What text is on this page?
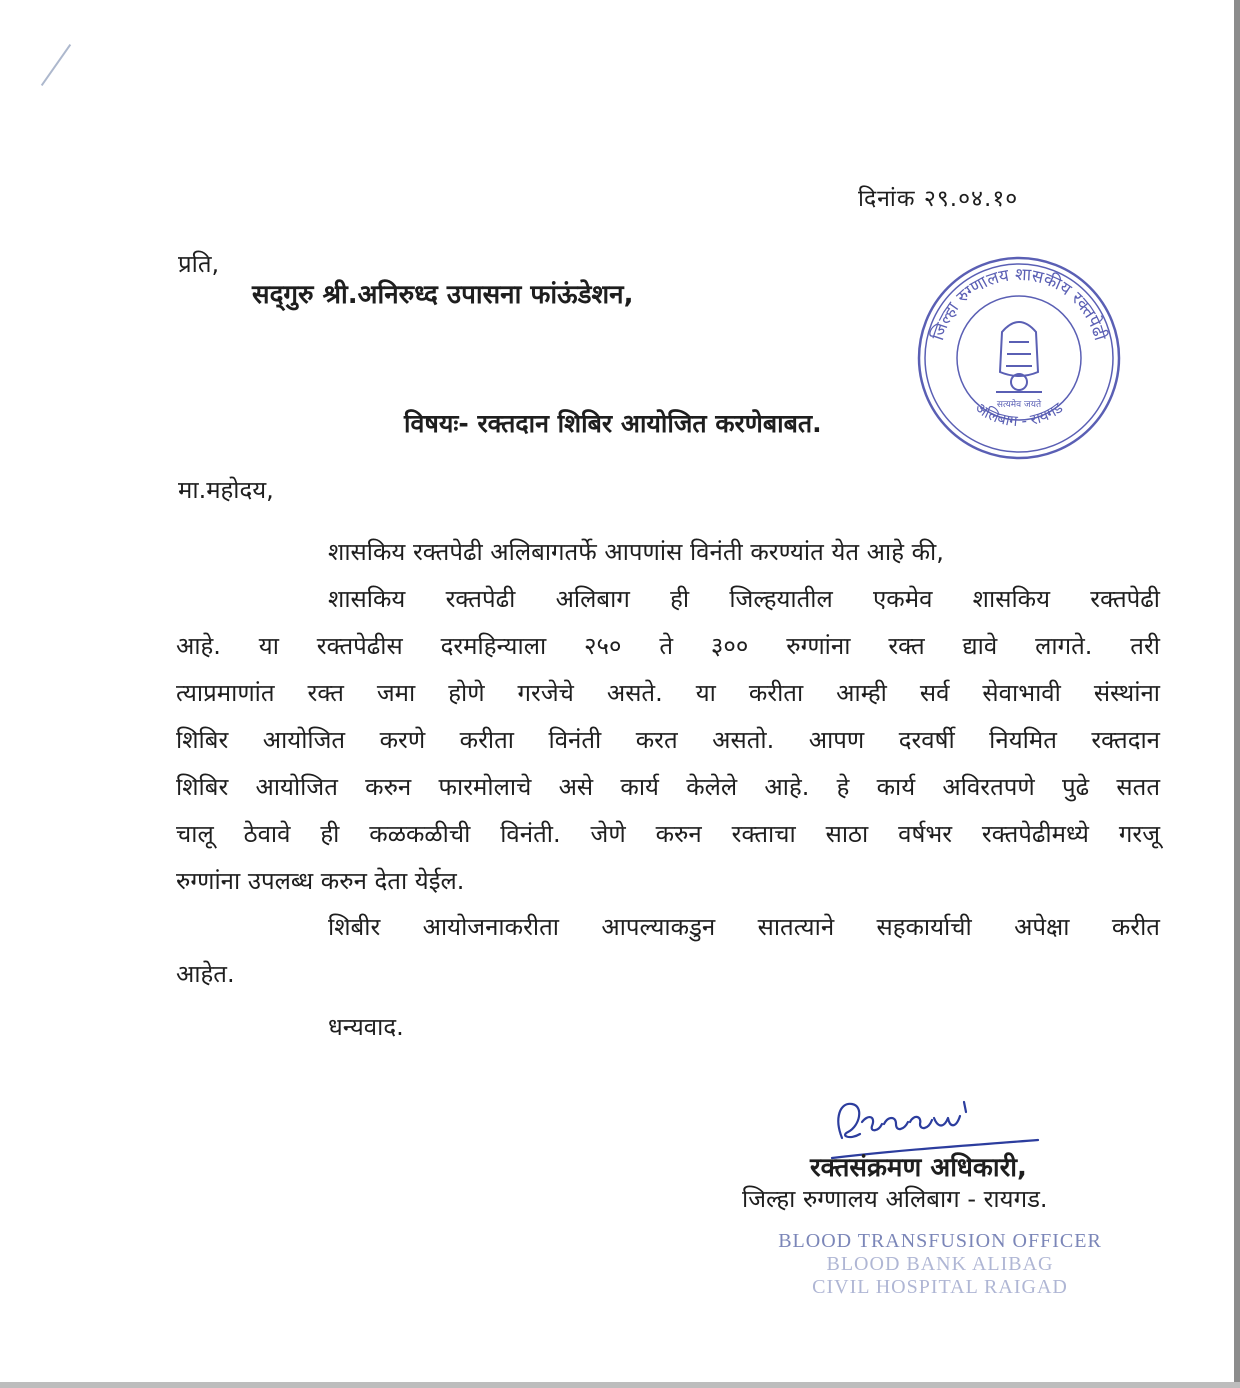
दिनांक २९.०४.१०
प्रति,
सद्‌गुरु श्री.अनिरुध्द उपासना फांऊंडेशन,
जिल्हा रुग्णालय शासकीय रक्तपेढी
अलिबाग - रायगड
सत्यमेव जयते
विषयः- रक्तदान शिबिर आयोजित करणेबाबत.
मा.महोदय,
शासकिय रक्तपेढी अलिबागतर्फे आपणांस विनंती करण्यांत येत आहे की,
शासकिय रक्तपेढी अलिबाग ही जिल्हयातील एकमेव शासकिय रक्तपेढी
आहे. या रक्तपेढीस दरमहिन्याला २५० ते ३०० रुग्णांना रक्त द्यावे लागते. तरी
त्याप्रमाणांत रक्त जमा होणे गरजेचे असते. या करीता आम्ही सर्व सेवाभावी संस्थांना
शिबिर आयोजित करणे करीता विनंती करत असतो. आपण दरवर्षी नियमित रक्तदान
शिबिर आयोजित करुन फारमोलाचे असे कार्य केलेले आहे. हे कार्य अविरतपणे पुढे सतत
चालू ठेवावे ही कळकळीची विनंती. जेणे करुन रक्ताचा साठा वर्षभर रक्तपेढीमध्ये गरजू
रुग्णांना उपलब्ध करुन देता येईल.
शिबीर आयोजनाकरीता आपल्याकडुन सातत्याने सहकार्याची अपेक्षा करीत
आहेत.
धन्यवाद.
रक्तसंक्रमण अधिकारी,
जिल्हा रुग्णालय अलिबाग - रायगड.
BLOOD TRANSFUSION OFFICER
BLOOD BANK ALIBAG
CIVIL HOSPITAL RAIGAD
